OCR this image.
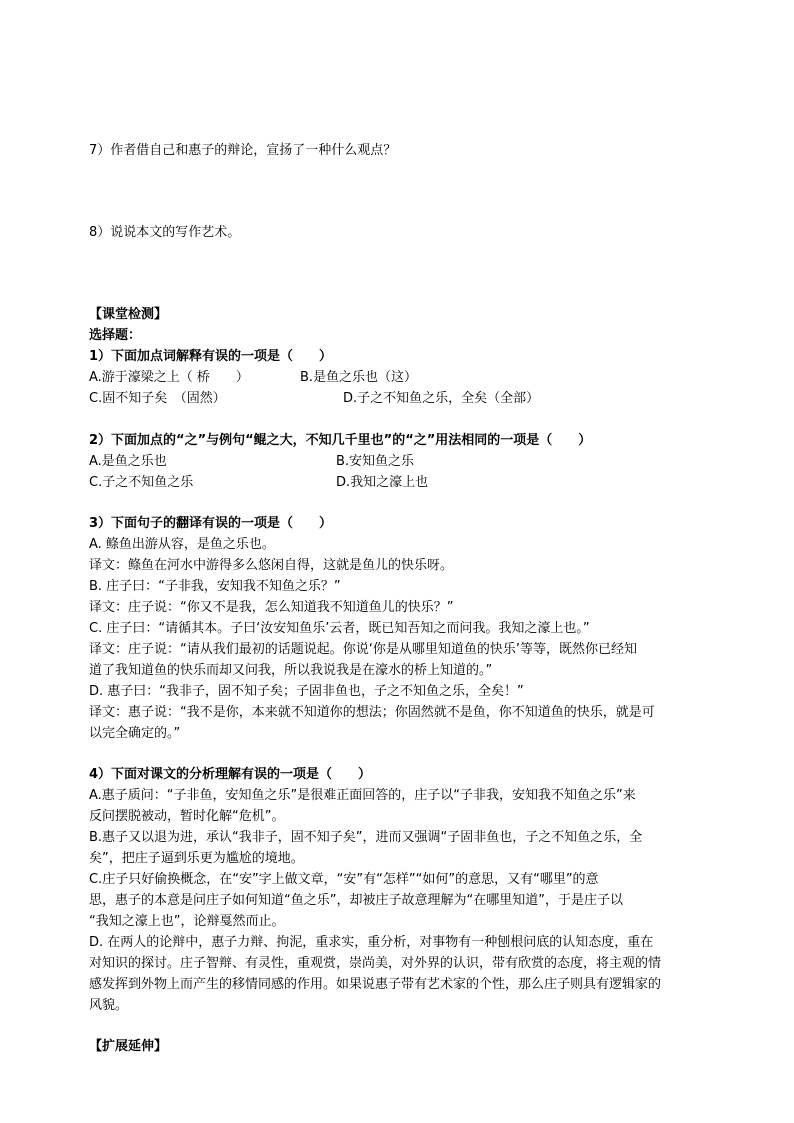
7）作者借自己和惠子的辩论，宣扬了一种什么观点？
8）说说本文的写作艺术。
【课堂检测】
选择题：
1）下面加点词解释有误的一项是（　　）
A.游于濠梁之上（ 桥　　）	B.是鱼之乐也（这）
C.固不知子矣　（固然）	D.子之不知鱼之乐，全矣（全部）
2）下面加点的“之”与例句“鲲之大，不知几千里也”的“之”用法相同的一项是（　　）
A.是鱼之乐也	B.安知鱼之乐
C.子之不知鱼之乐	D.我知之濠上也
3）下面句子的翻译有误的一项是（　　）
A. 鲦鱼出游从容，是鱼之乐也。
译文：鲦鱼在河水中游得多么悠闲自得，这就是鱼儿的快乐呀。
B. 庄子曰：“子非我，安知我不知鱼之乐？”
译文：庄子说：“你又不是我，怎么知道我不知道鱼儿的快乐？”
C. 庄子曰：“请循其本。子曰‘汝安知鱼乐’云者，既已知吾知之而问我。我知之濠上也。”
译文：庄子说：“请从我们最初的话题说起。你说‘你是从哪里知道鱼的快乐’等等，既然你已经知
道了我知道鱼的快乐而却又问我，所以我说我是在濠水的桥上知道的。”
D. 惠子曰：“我非子，固不知子矣；子固非鱼也，子之不知鱼之乐，全矣！”
译文：惠子说：“我不是你，本来就不知道你的想法；你固然就不是鱼，你不知道鱼的快乐，就是可
以完全确定的。”
4）下面对课文的分析理解有误的一项是（　　）
A.惠子质问：“子非鱼，安知鱼之乐”是很难正面回答的，庄子以“子非我，安知我不知鱼之乐”来
反问摆脱被动，暂时化解“危机”。
B.惠子又以退为进，承认“我非子，固不知子矣”，进而又强调“子固非鱼也，子之不知鱼之乐，全
矣”，把庄子逼到乐更为尴尬的境地。
C.庄子只好偷换概念，在“安”字上做文章，“安”有“怎样”“如何”的意思，又有“哪里”的意
思，惠子的本意是问庄子如何知道“鱼之乐”，却被庄子故意理解为“在哪里知道”，于是庄子以
“我知之濠上也”，论辩戛然而止。
D. 在两人的论辩中，惠子力辩、拘泥，重求实，重分析，对事物有一种刨根问底的认知态度，重在
对知识的探讨。庄子智辩、有灵性，重观赏，崇尚美，对外界的认识，带有欣赏的态度，将主观的情
感发挥到外物上而产生的移情同感的作用。如果说惠子带有艺术家的个性，那么庄子则具有逻辑家的
风貌。
【扩展延伸】
